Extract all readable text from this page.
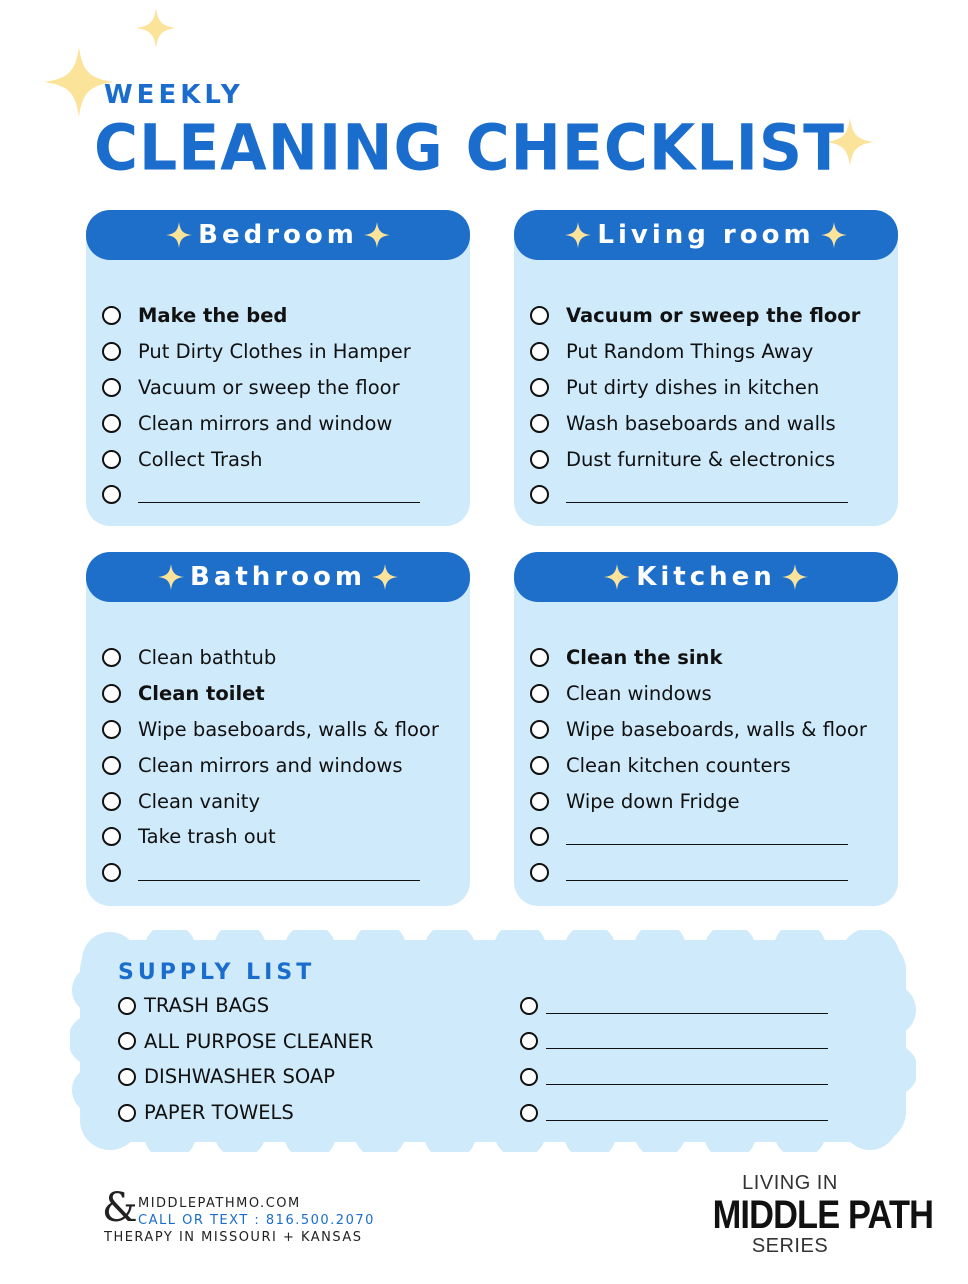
WEEKLY
CLEANING CHECKLIST
Bedroom
Make the bed
Put Dirty Clothes in Hamper
Vacuum or sweep the floor
Clean mirrors and window
Collect Trash
Living room
Vacuum or sweep the floor
Put Random Things Away
Put dirty dishes in kitchen
Wash baseboards and walls
Dust furniture & electronics
Bathroom
Clean bathtub
Clean toilet
Wipe baseboards, walls & floor
Clean mirrors and windows
Clean vanity
Take trash out
Kitchen
Clean the sink
Clean windows
Wipe baseboards, walls & floor
Clean kitchen counters
Wipe down Fridge
SUPPLY LIST
TRASH BAGS
ALL PURPOSE CLEANER
DISHWASHER SOAP
PAPER TOWELS
& MIDDLEPATHMO.COM
CALL OR TEXT : 816.500.2070
THERAPY IN MISSOURI + KANSAS
LIVING IN
MIDDLE PATH
SERIES
